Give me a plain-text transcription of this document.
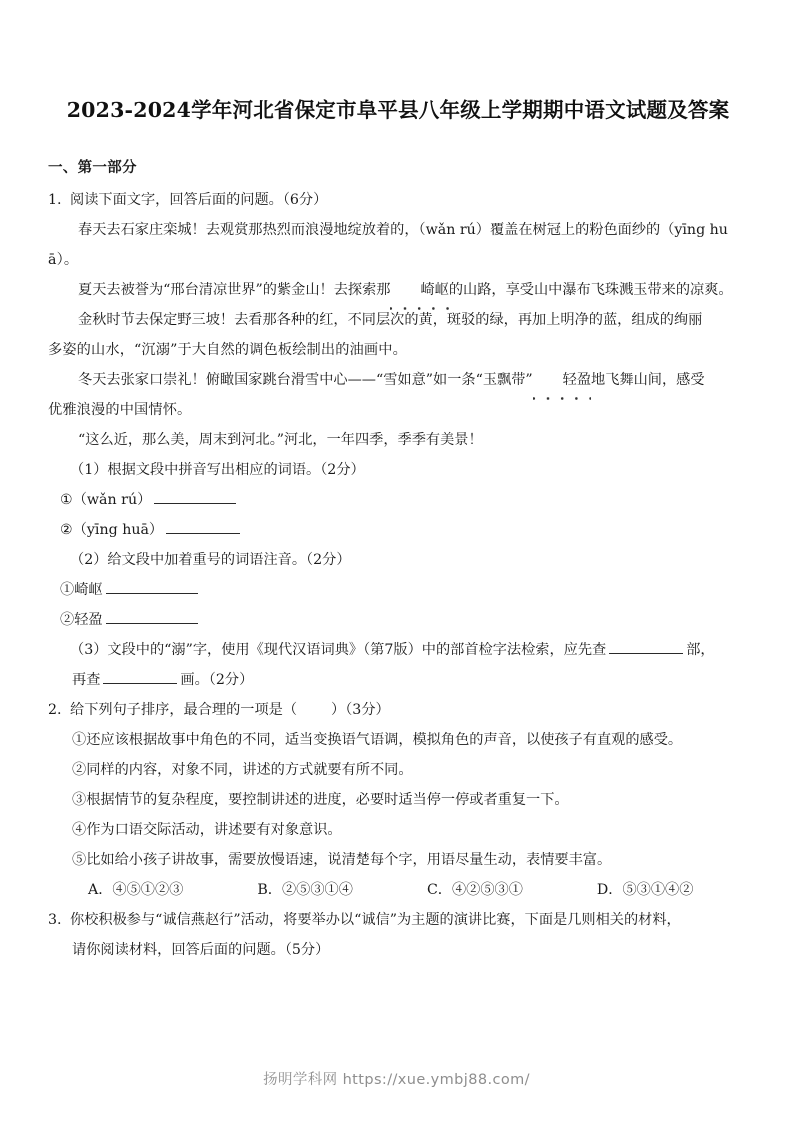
2023-2024学年河北省保定市阜平县八年级上学期期中语文试题及答案
一、第一部分

1. 阅读下面文字，回答后面的问题。（6分）

春天去石家庄栾城！去观赏那热烈而浪漫地绽放着的，（wǎn rú）覆盖在树冠上的粉色面纱的（yīng hu

ā）。

夏天去被誉为“邢台清凉世界”的紫金山！去探索那 崎岖的山路，享受山中瀑布飞珠溅玉带来的凉爽。

金秋时节去保定野三坡！去看那各种的红，不同层次的黄，斑驳的绿，再加上明净的蓝，组成的绚丽

多姿的山水，“沉溺”于大自然的调色板绘制出的油画中。

冬天去张家口崇礼！俯瞰国家跳台滑雪中心——“雪如意”如一条“玉飘带” 轻盈地飞舞山间，感受

优雅浪漫的中国情怀。

“这么近，那么美，周末到河北。”河北，一年四季，季季有美景！

（1）根据文段中拼音写出相应的词语。（2分）

①（wǎn rú）

②（yīng huā）

（2）给文段中加着重号的词语注音。（2分）

①崎岖

②轻盈

（3）文段中的“溺”字，使用《现代汉语词典》（第7版）中的部首检字法检索，应先查	部，

再查	画。（2分）

2. 给下列句子排序，最合理的一项是（ ）（3分）

①还应该根据故事中角色的不同，适当变换语气语调，模拟角色的声音，以使孩子有直观的感受。

②同样的内容，对象不同，讲述的方式就要有所不同。

③根据情节的复杂程度，要控制讲述的进度，必要时适当停一停或者重复一下。

④作为口语交际活动，讲述要有对象意识。

⑤比如给小孩子讲故事，需要放慢语速，说清楚每个字，用语尽量生动，表情要丰富。

A．④⑤①②③	B．②⑤③①④	C．④②⑤③①	D．⑤③①④②

3. 你校积极参与“诚信燕赵行”活动，将要举办以“诚信”为主题的演讲比赛，下面是几则相关的材料，

请你阅读材料，回答后面的问题。（5分）

扬明学科网 https://xue.ymbj88.com/
